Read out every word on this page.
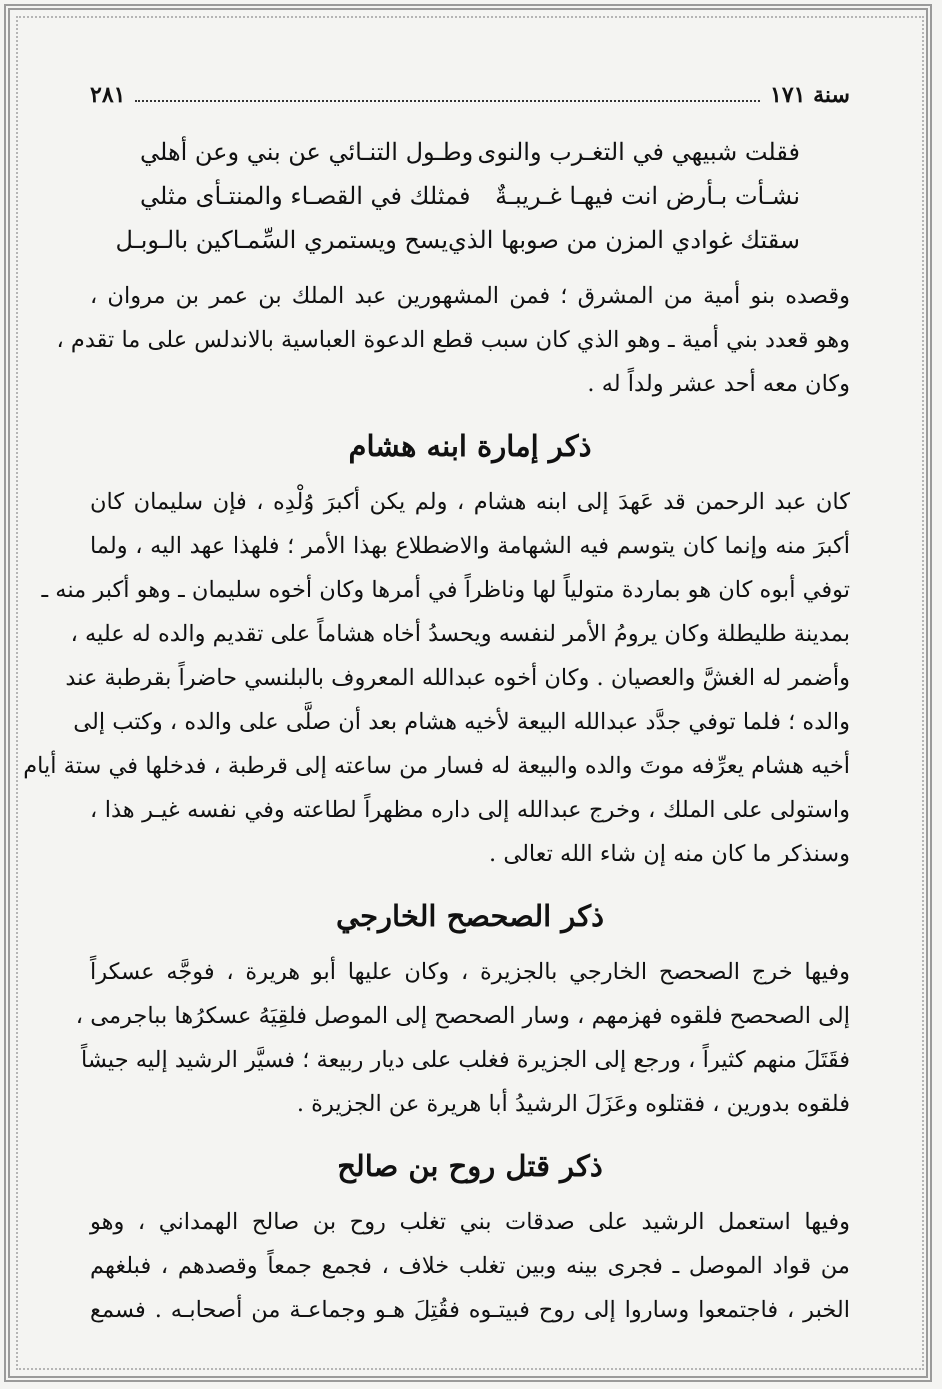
سنة ١٧١
٢٨١
فقلت شبيهي في التغـرب والنوى
وطـول التنـائي عن بني وعن أهلي
نشـأت بـأرض انت فيهـا غـريبـةٌ
فمثلك في القصـاء والمنتـأى مثلي
سقتك غوادي المزن من صوبها الذي
يسح ويستمري السِّمـاكين بالـوبـل

وقصده بنو أمية من المشرق ؛ فمن المشهورين عبد الملك بن عمر بن مروان ،
وهو قعدد بني أمية ـ وهو الذي كان سبب قطع الدعوة العباسية بالاندلس على ما تقدم ،
وكان معه أحد عشر ولداً له .

ذكر إمارة ابنه هشام

كان عبد الرحمن قد عَهدَ إلى ابنه هشام ، ولم يكن أكبرَ وُلْدِه ، فإن سليمان كان
أكبرَ منه وإنما كان يتوسم فيه الشهامة والاضطلاع بهذا الأمر ؛ فلهذا عهد اليه ، ولما
توفي أبوه كان هو بماردة متولياً لها وناظراً في أمرها وكان أخوه سليمان ـ وهو أكبر منه ـ
بمدينة طليطلة وكان يرومُ الأمر لنفسه ويحسدُ أخاه هشاماً على تقديم والده له عليه ،
وأضمر له الغشَّ والعصيان . وكان أخوه عبدالله المعروف بالبلنسي حاضراً بقرطبة عند
والده ؛ فلما توفي جدَّد عبدالله البيعة لأخيه هشام بعد أن صلَّى على والده ، وكتب إلى
أخيه هشام يعرِّفه موتَ والده والبيعة له فسار من ساعته إلى قرطبة ، فدخلها في ستة أيام
واستولى على الملك ، وخرج عبدالله إلى داره مظهراً لطاعته وفي نفسه غيـر هذا ،
وسنذكر ما كان منه إن شاء الله تعالى .

ذكر الصحصح الخارجي

وفيها خرج الصحصح الخارجي بالجزيرة ، وكان عليها أبو هريرة ، فوجَّه عسكراً
إلى الصحصح فلقوه فهزمهم ، وسار الصحصح إلى الموصل فلقِيَهُ عسكرُها بباجرمى ،
فقَتَلَ منهم كثيراً ، ورجع إلى الجزيرة فغلب على ديار ربيعة ؛ فسيَّر الرشيد إليه جيشاً
فلقوه بدورين ، فقتلوه وعَزَلَ الرشيدُ أبا هريرة عن الجزيرة .

ذكر قتل روح بن صالح

وفيها استعمل الرشيد على صدقات بني تغلب روح بن صالح الهمداني ، وهو
من قواد الموصل ـ فجرى بينه وبين تغلب خلاف ، فجمع جمعاً وقصدهم ، فبلغهم
الخبر ، فاجتمعوا وساروا إلى روح فبيتـوه فقُتِلَ هـو وجماعـة من أصحابـه . فسمع
